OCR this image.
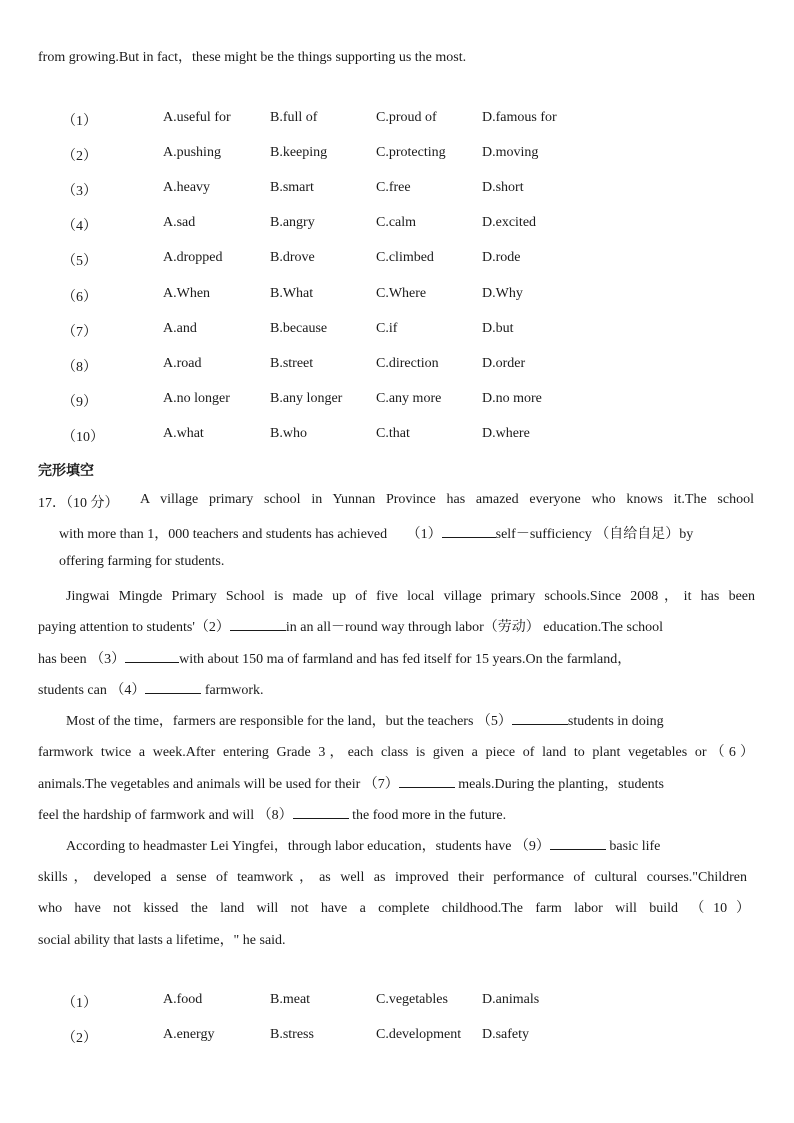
from growing.But in fact，these might be the things supporting us the most.
（1）	A.useful for	B.full of	C.proud of	D.famous for
（2）	A.pushing	B.keeping	C.protecting	D.moving
（3）	A.heavy	B.smart	C.free	D.short
（4）	A.sad	B.angry	C.calm	D.excited
（5）	A.dropped	B.drove	C.climbed	D.rode
（6）	A.When	B.What	C.Where	D.Why
（7）	A.and	B.because	C.if	D.but
（8）	A.road	B.street	C.direction	D.order
（9）	A.no longer	B.any longer C.any more	D.no more
（10）	A.what	B.who	C.that	D.where
完形填空
17．（10 分） A village primary school in Yunnan Province has amazed everyone who knows it.The school
with more than 1，000 teachers and students has achieved （1）	self－sufficiency （自给自足）by
offering farming for students.
Jingwai Mingde Primary School is made up of five local village primary schools.Since 2008，it has been
paying attention to students'（2）	in an all－round way through labor（劳动） education.The school
has been （3）	with about 150 ma of farmland and has fed itself for 15 years.On the farmland，
students can （4）	farmwork.
Most of the time，farmers are responsible for the land，but the teachers （5）	students in doing
farmwork twice a week.After entering Grade 3，each class is given a piece of land to plant vegetables or（6）
animals.The vegetables and animals will be used for their （7）	meals.During the planting，students
feel the hardship of farmwork and will （8）	the food more in the future.
According to headmaster Lei Yingfei，through labor education，students have （9）	basic life
skills，developed a sense of teamwork，as well as improved their performance of cultural courses."Children
who have not kissed the land will not have a complete childhood.The farm labor will build （10）
social ability that lasts a lifetime，" he said.
（1）	A.food	B.meat	C.vegetables D.animals
（2）	A.energy	B.stress	C.development D.safety
